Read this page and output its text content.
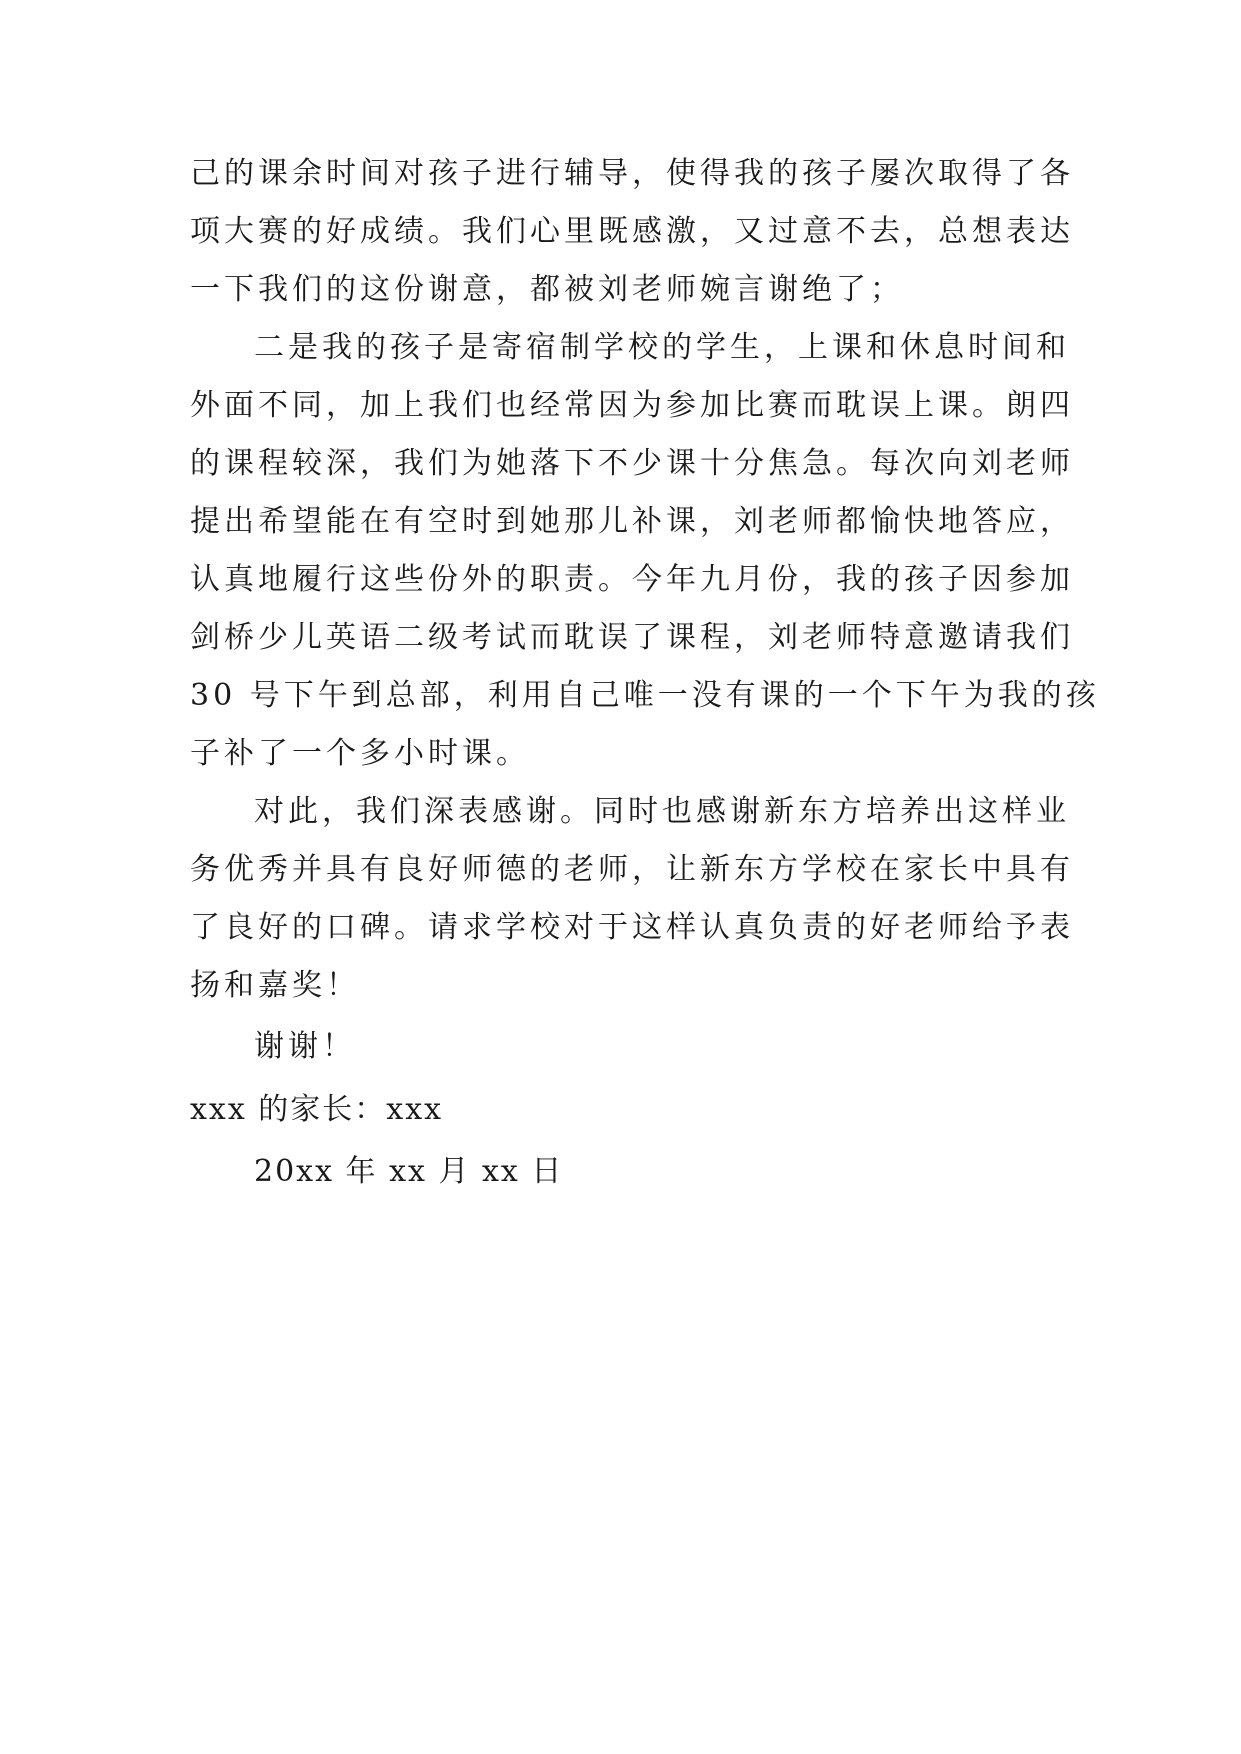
己的课余时间对孩子进行辅导，使得我的孩子屡次取得了各
项大赛的好成绩。我们心里既感激，又过意不去，总想表达
一下我们的这份谢意，都被刘老师婉言谢绝了；
二是我的孩子是寄宿制学校的学生，上课和休息时间和
外面不同，加上我们也经常因为参加比赛而耽误上课。朗四
的课程较深，我们为她落下不少课十分焦急。每次向刘老师
提出希望能在有空时到她那儿补课，刘老师都愉快地答应，
认真地履行这些份外的职责。今年九月份，我的孩子因参加
剑桥少儿英语二级考试而耽误了课程，刘老师特意邀请我们
30 号下午到总部，利用自己唯一没有课的一个下午为我的孩
子补了一个多小时课。
对此，我们深表感谢。同时也感谢新东方培养出这样业
务优秀并具有良好师德的老师，让新东方学校在家长中具有
了良好的口碑。请求学校对于这样认真负责的好老师给予表
扬和嘉奖！
谢谢！
xxx 的家长：xxx
20xx 年 xx 月 xx 日
